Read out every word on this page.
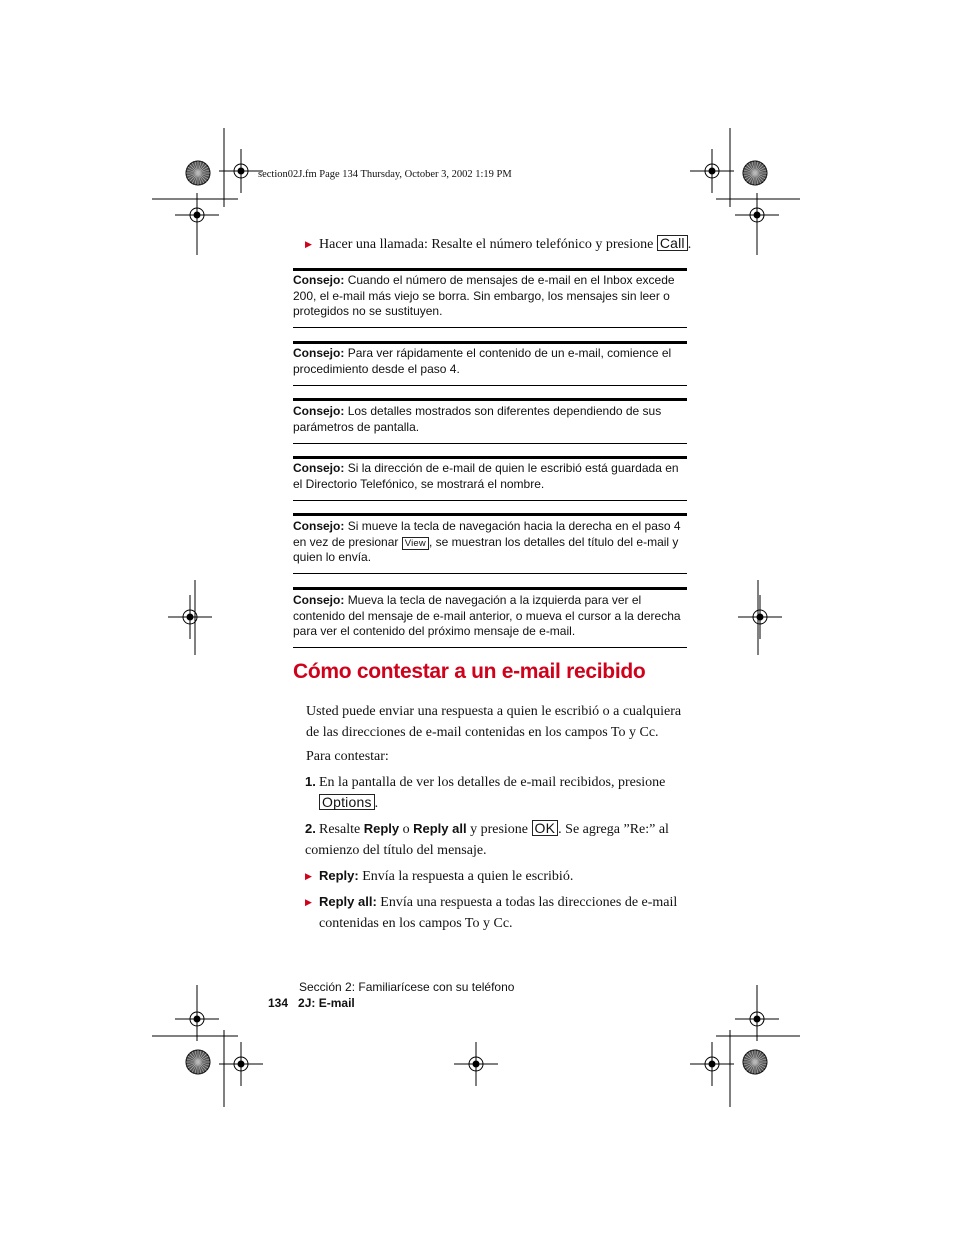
section02J.fm Page 134 Thursday, October 3, 2002 1:19 PM
▶ Hacer una llamada: Resalte el número telefónico y presione Call .
Consejo: Cuando el número de mensajes de e-mail en el Inbox excede 200, el e-mail más viejo se borra. Sin embargo, los mensajes sin leer o protegidos no se sustituyen.
Consejo: Para ver rápidamente el contenido de un e-mail, comience el procedimiento desde el paso 4.
Consejo: Los detalles mostrados son diferentes dependiendo de sus parámetros de pantalla.
Consejo: Si la dirección de e-mail de quien le escribió está guardada en el Directorio Telefónico, se mostrará el nombre.
Consejo: Si mueve la tecla de navegación hacia la derecha en el paso 4 en vez de presionar View , se muestran los detalles del título del e-mail y quien lo envía.
Consejo: Mueva la tecla de navegación a la izquierda para ver el contenido del mensaje de e-mail anterior, o mueva el cursor a la derecha para ver el contenido del próximo mensaje de e-mail.
Cómo contestar a un e-mail recibido
Usted puede enviar una respuesta a quien le escribió o a cualquiera de las direcciones de e-mail contenidas en los campos To y Cc.
Para contestar:
1. En la pantalla de ver los detalles de e-mail recibidos, presione
Options .
2. Resalte Reply o Reply all y presione OK . Se agrega ”Re:” al comienzo del título del mensaje.
▶ Reply: Envía la respuesta a quien le escribió.
▶ Reply all: Envía una respuesta a todas las direcciones de e-mail contenidas en los campos To y Cc.
Sección 2: Familiarícese con su teléfono
134 2J: E-mail
